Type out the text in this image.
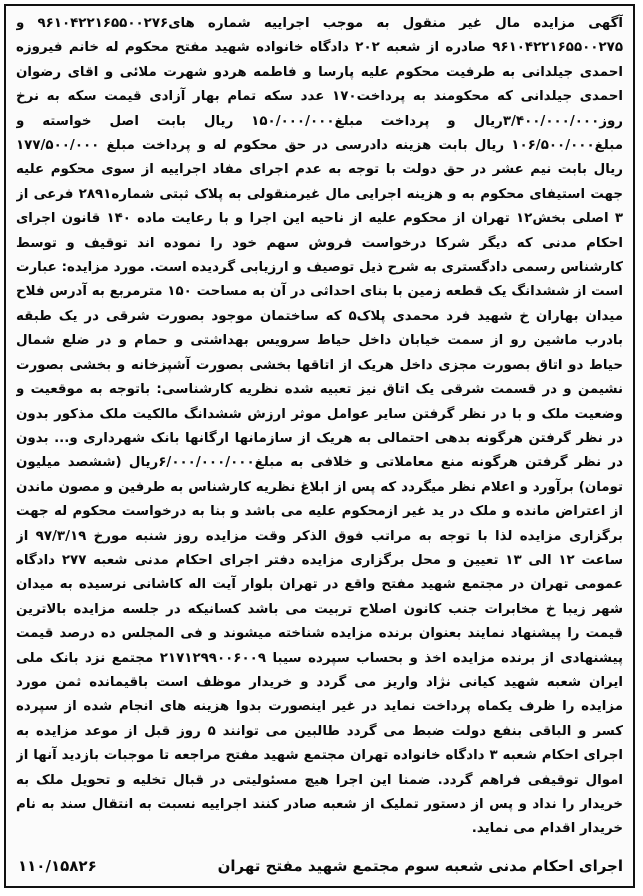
آگهی مزایده مال غیر منقول به موجب اجراییه شماره های۹۶۱۰۴۲۲۱۶۵۵۰۰۲۷۶ و ۹۶۱۰۴۲۲۱۶۵۵۰۰۲۷۵ صادره از شعبه ۲۰۲ دادگاه خانواده شهید مفتح محکوم له خانم فیروزه احمدی جیلدانی به طرفیت محکوم علیه پارسا و فاطمه هردو شهرت ملائی و اقای رضوان احمدی جیلدانی که محکومند به پرداخت۱۷۰ عدد سکه تمام بهار آزادی قیمت سکه به نرخ روز۳/۴۰۰/۰۰۰/۰۰۰ریال و پرداخت مبلغ۱۵۰/۰۰۰/۰۰۰ ریال بابت اصل خواسته و مبلغ۱۰۶/۵۰۰/۰۰۰ ریال بابت هزینه دادرسی در حق محکوم له و پرداخت مبلغ ۱۷۷/۵۰۰/۰۰۰ ریال بابت نیم عشر در حق دولت با توجه به عدم اجرای مفاد اجراییه از سوی محکوم علیه جهت استیفای محکوم به و هزینه اجرایی مال غیرمنقولی به پلاک ثبتی شماره۲۸۹۱ فرعی از ۳ اصلی بخش۱۲ تهران از محکوم علیه از ناحیه این اجرا و با رعایت ماده ۱۴۰ قانون اجرای احکام مدنی که دیگر شرکا درخواست فروش سهم خود را نموده اند توقیف و توسط کارشناس رسمی دادگستری به شرح ذیل توصیف و ارزیابی گردیده است. مورد مزایده: عبارت است از ششدانگ یک قطعه زمین با بنای احداثی در آن به مساحت ۱۵۰ مترمربع به آدرس فلاح میدان بهاران خ شهید فرد محمدی پلاک۵ که ساختمان موجود بصورت شرقی در یک طبقه بادرب ماشین رو از سمت خیابان داخل حیاط سرویس بهداشتی و حمام و در ضلع شمال حیاط دو اتاق بصورت مجزی داخل هریک از اتاقها بخشی بصورت آشپزخانه و بخشی بصورت نشیمن و در قسمت شرقی یک اتاق نیز تعبیه شده نظریه کارشناسی: باتوجه به موقعیت و وضعیت ملک و با در نظر گرفتن سایر عوامل موثر ارزش ششدانگ مالکیت ملک مذکور بدون در نظر گرفتن هرگونه بدهی احتمالی به هریک از سازمانها ارگانها بانک شهرداری و... بدون در نظر گرفتن هرگونه منع معاملاتی و خلافی به مبلغ۶/۰۰۰/۰۰۰/۰۰۰ریال (ششصد میلیون تومان) برآورد و اعلام نظر میگردد که پس از ابلاغ نظریه کارشناس به طرفین و مصون ماندن از اعتراض مانده و ملک در ید غیر ازمحکوم علیه می باشد و بنا به درخواست محکوم له جهت برگزاری مزایده لذا با توجه به مراتب فوق الذکر وقت مزایده روز شنبه مورخ ۹۷/۳/۱۹ از ساعت ۱۲ الی ۱۳ تعیین و محل برگزاری مزایده دفتر اجرای احکام مدنی شعبه ۲۷۷ دادگاه عمومی تهران در مجتمع شهید مفتح واقع در تهران بلوار آیت اله کاشانی نرسیده به میدان شهر زیبا خ مخابرات جنب کانون اصلاح تربیت می باشد کسانیکه در جلسه مزایده بالاترین قیمت را پیشنهاد نمایند بعنوان برنده مزایده شناخته میشوند و فی المجلس ده درصد قیمت پیشنهادی از برنده مزایده اخذ و بحساب سپرده سیبا ۲۱۷۱۲۹۹۰۰۶۰۰۹ مجتمع نزد بانک ملی ایران شعبه شهید کیانی نژاد واریز می گردد و خریدار موظف است باقیمانده ثمن مورد مزایده را ظرف یکماه پرداخت نماید در غیر اینصورت بدوا هزینه های انجام شده از سپرده کسر و الباقی بنفع دولت ضبط می گردد طالبین می توانند ۵ روز قبل از موعد مزایده به اجرای احکام شعبه ۳ دادگاه خانواده تهران مجتمع شهید مفتح مراجعه تا موجبات بازدید آنها از اموال توقیفی فراهم گردد. ضمنا این اجرا هیچ مسئولیتی در قبال تخلیه و تحویل ملک به خریدار را نداد و پس از دستور تملیک از شعبه صادر کنند اجراییه نسبت به انتقال سند به نام خریدار اقدام می نماید.
اجرای احکام مدنی شعبه سوم مجتمع شهید مفتح تهران
۱۱۰/۱۵۸۲۶
